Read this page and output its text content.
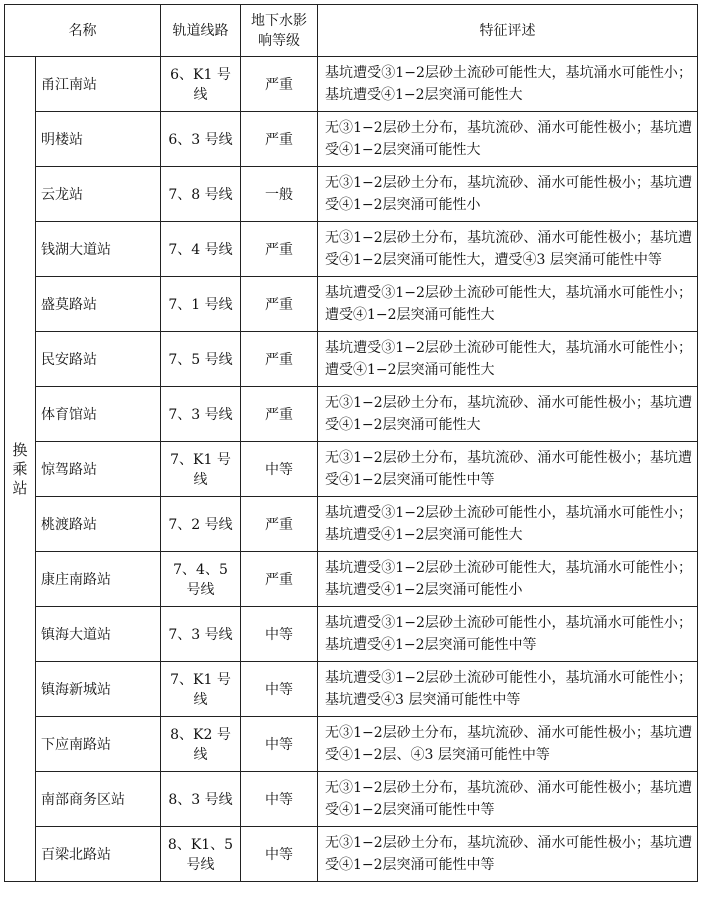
名称		轨道线路	地下水影响等级	特征评述
换乘站	甬江南站	6、K1 号线	严重	基坑遭受③1−2层砂土流砂可能性大，基坑涌水可能性小；基坑遭受④1−2层突涌可能性大
	明楼站	6、3 号线	严重	无③1−2层砂土分布，基坑流砂、涌水可能性极小；基坑遭受④1−2层突涌可能性大
	云龙站	7、8 号线	一般	无③1−2层砂土分布，基坑流砂、涌水可能性极小；基坑遭受④1−2层突涌可能性小
	钱湖大道站	7、4 号线	严重	无③1−2层砂土分布，基坑流砂、涌水可能性极小；基坑遭受④1−2层突涌可能性大，遭受④3 层突涌可能性中等
	盛莫路站	7、1 号线	严重	基坑遭受③1−2层砂土流砂可能性大，基坑涌水可能性小；遭受④1−2层突涌可能性大
	民安路站	7、5 号线	严重	基坑遭受③1−2层砂土流砂可能性大，基坑涌水可能性小；遭受④1−2层突涌可能性大
	体育馆站	7、3 号线	严重	无③1−2层砂土分布，基坑流砂、涌水可能性极小；基坑遭受④1−2层突涌可能性大
	惊驾路站	7、K1 号线	中等	无③1−2层砂土分布，基坑流砂、涌水可能性极小；基坑遭受④1−2层突涌可能性中等
	桃渡路站	7、2 号线	严重	基坑遭受③1−2层砂土流砂可能性小，基坑涌水可能性小；基坑遭受④1−2层突涌可能性大
	康庄南路站	7、4、5 号线	严重	基坑遭受③1−2层砂土流砂可能性大，基坑涌水可能性小；基坑遭受④1−2层突涌可能性小
	镇海大道站	7、3 号线	中等	基坑遭受③1−2层砂土流砂可能性小，基坑涌水可能性小；基坑遭受④1−2层突涌可能性中等
	镇海新城站	7、K1 号线	中等	基坑遭受③1−2层砂土流砂可能性小，基坑涌水可能性小；基坑遭受④3 层突涌可能性中等
	下应南路站	8、K2 号线	中等	无③1−2层砂土分布，基坑流砂、涌水可能性极小；基坑遭受④1−2层、④3 层突涌可能性中等
	南部商务区站	8、3 号线	中等	无③1−2层砂土分布，基坑流砂、涌水可能性极小；基坑遭受④1−2层突涌可能性中等
	百梁北路站	8、K1、5 号线	中等	无③1−2层砂土分布，基坑流砂、涌水可能性极小；基坑遭受④1−2层突涌可能性中等
